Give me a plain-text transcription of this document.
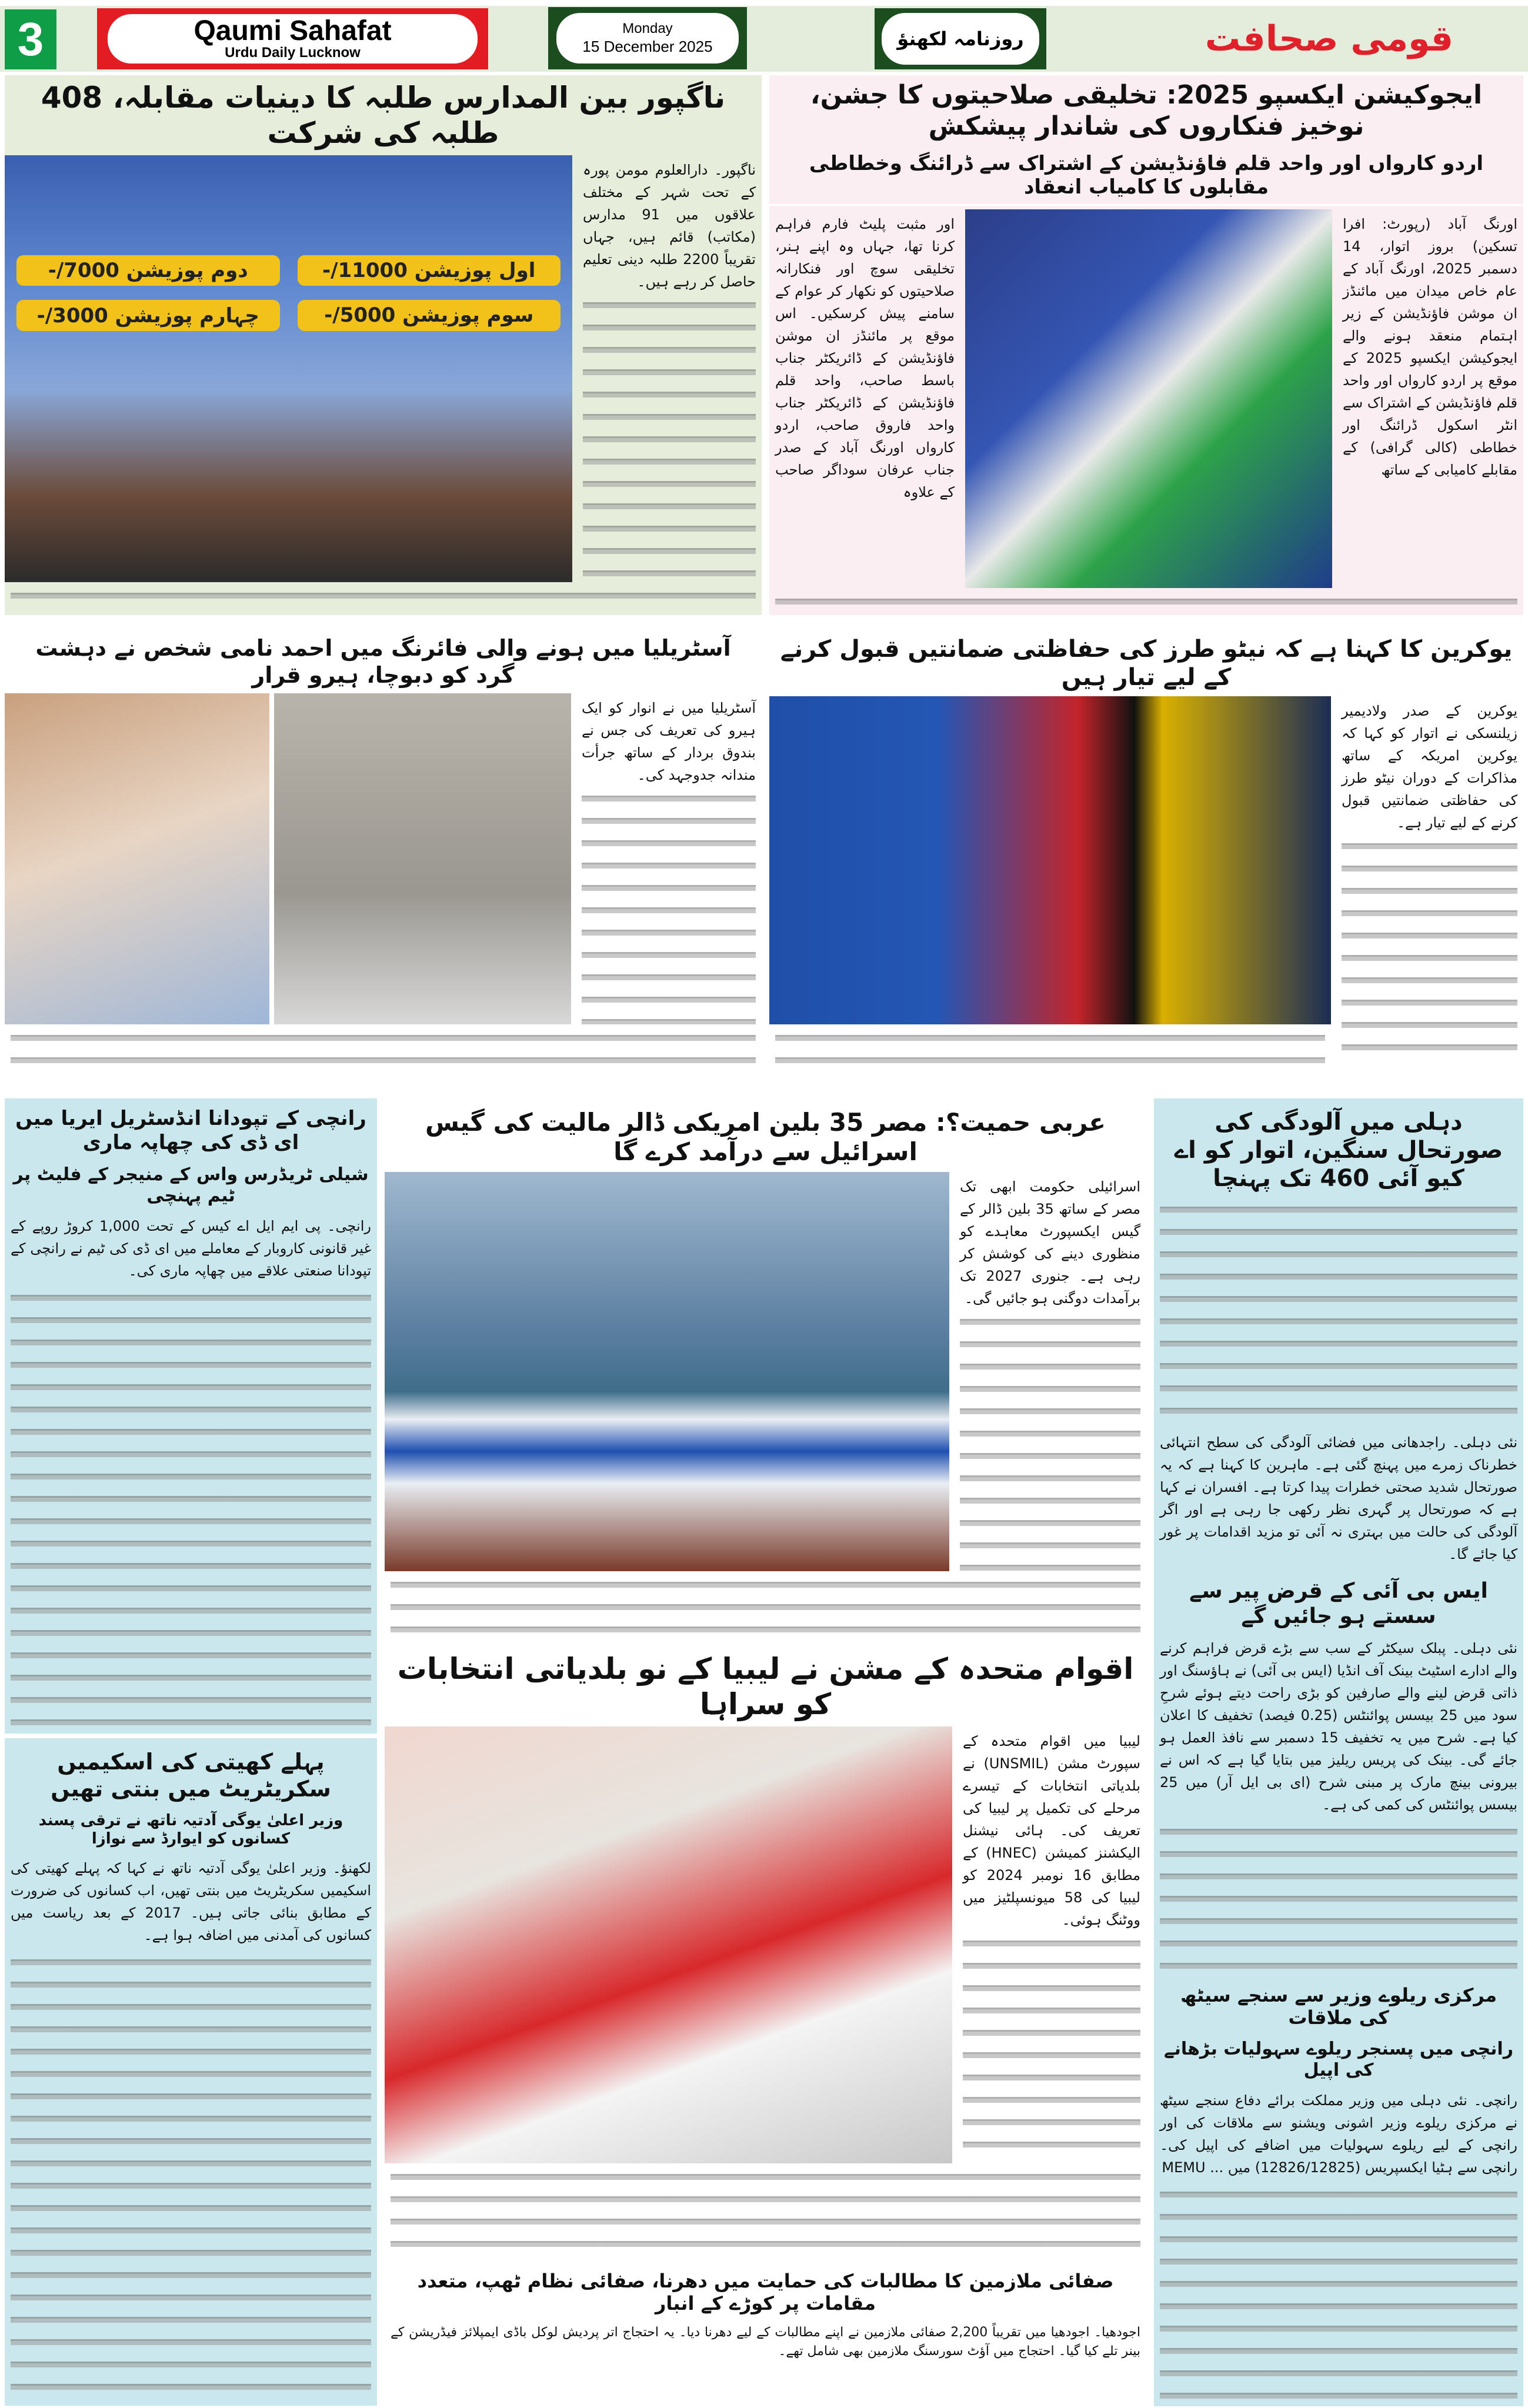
3	Qaumi Sahafat
Urdu Daily Lucknow
Monday
15 December 2025	روزنامہ لکھنؤ	قومی صحافت
ناگپور بین المدارس طلبہ کا دینیات مقابلہ، 408 طلبہ کی شرکت
دوم پوزیشن 7000/-	اول پوزیشن 11000/-
چہارم پوزیشن 3000/-	سوم پوزیشن 5000/-
ناگپور۔ دارالعلوم مومن پورہ کے تحت شہر کے مختلف علاقوں میں 91 مدارس (مکاتب) قائم ہیں، جہاں تقریباً 2200 طلبہ دینی تعلیم حاصل کر رہے ہیں۔
ایجوکیشن ایکسپو 2025: تخلیقی صلاحیتوں کا جشن، نوخیز فنکاروں کی شاندار پیشکش
اردو کارواں اور واحد قلم فاؤنڈیشن کے اشتراک سے ڈرائنگ وخطاطی مقابلوں کا کامیاب انعقاد
اور مثبت پلیٹ فارم فراہم کرنا تھا، جہاں وہ اپنے ہنر، تخلیقی سوچ اور فنکارانہ صلاحیتوں کو نکھار کر عوام کے سامنے پیش کرسکیں۔ اس موقع پر مائنڈز ان موشن فاؤنڈیشن کے ڈائریکٹر جناب باسط صاحب، واحد قلم فاؤنڈیشن کے ڈائریکٹر جناب واحد فاروق صاحب، اردو کارواں اورنگ آباد کے صدر جناب عرفان سوداگر صاحب کے علاوہ
اورنگ آباد (رپورٹ: افرا تسکین) بروز اتوار، 14 دسمبر 2025، اورنگ آباد کے عام خاص میدان میں مائنڈز ان موشن فاؤنڈیشن کے زیر اہتمام منعقد ہونے والے ایجوکیشن ایکسپو 2025 کے موقع پر اردو کارواں اور واحد قلم فاؤنڈیشن کے اشتراک سے انٹر اسکول ڈرائنگ اور خطاطی (کالی گرافی) کے مقابلے کامیابی کے ساتھ
آسٹریلیا میں ہونے والی فائرنگ میں احمد نامی شخص نے دہشت گرد کو دبوچا، ہیرو قرار
آسٹریلیا میں نے انوار کو ایک ہیرو کی تعریف کی جس نے بندوق بردار کے ساتھ جرأت مندانہ جدوجہد کی۔
یوکرین کا کہنا ہے کہ نیٹو طرز کی حفاظتی ضمانتیں قبول کرنے کے لیے تیار ہیں
یوکرین کے صدر ولادیمیر زیلنسکی نے اتوار کو کہا کہ یوکرین امریکہ کے ساتھ مذاکرات کے دوران نیٹو طرز کی حفاظتی ضمانتیں قبول کرنے کے لیے تیار ہے۔
رانچی کے تپودانا انڈسٹریل ایریا میں ای ڈی کی چھاپہ ماری
شیلی ٹریڈرس واس کے منیجر کے فلیٹ پر ٹیم پہنچی
رانچی۔ پی ایم ایل اے کیس کے تحت 1,000 کروڑ روپے کے غیر قانونی کاروبار کے معاملے میں ای ڈی کی ٹیم نے رانچی کے تپودانا صنعتی علاقے میں چھاپہ ماری کی۔
پہلے کھیتی کی اسکیمیں سکریٹریٹ میں بنتی تھیں
وزیر اعلیٰ یوگی آدتیہ ناتھ نے ترقی پسند کسانوں کو ایوارڈ سے نوازا
لکھنؤ۔ وزیر اعلیٰ یوگی آدتیہ ناتھ نے کہا کہ پہلے کھیتی کی اسکیمیں سکریٹریٹ میں بنتی تھیں، اب کسانوں کی ضرورت کے مطابق بنائی جاتی ہیں۔ 2017 کے بعد ریاست میں کسانوں کی آمدنی میں اضافہ ہوا ہے۔
عربی حمیت؟: مصر 35 بلین امریکی ڈالر مالیت کی گیس اسرائیل سے درآمد کرے گا
اسرائیلی حکومت ابھی تک مصر کے ساتھ 35 بلین ڈالر کے گیس ایکسپورٹ معاہدے کو منظوری دینے کی کوشش کر رہی ہے۔ جنوری 2027 تک برآمدات دوگنی ہو جائیں گی۔
اقوام متحدہ کے مشن نے لیبیا کے نو بلدیاتی انتخابات کو سراہا
لیبیا میں اقوام متحدہ کے سپورٹ مشن (UNSMIL) نے بلدیاتی انتخابات کے تیسرے مرحلے کی تکمیل پر لیبیا کی تعریف کی۔ ہائی نیشنل الیکشنز کمیشن (HNEC) کے مطابق 16 نومبر 2024 کو لیبیا کی 58 میونسپلٹیز میں ووٹنگ ہوئی۔
صفائی ملازمین کا مطالبات کی حمایت میں دھرنا، صفائی نظام ٹھپ، متعدد مقامات پر کوڑے کے انبار
اجودھیا۔ اجودھیا میں تقریباً 2,200 صفائی ملازمین نے اپنے مطالبات کے لیے دھرنا دیا۔ یہ احتجاج اتر پردیش لوکل باڈی ایمپلائز فیڈریشن کے بینر تلے کیا گیا۔ احتجاج میں آؤٹ سورسنگ ملازمین بھی شامل تھے۔
دہلی میں آلودگی کی صورتحال سنگین، اتوار کو اے کیو آئی 460 تک پہنچا
نئی دہلی۔ راجدھانی میں فضائی آلودگی کی سطح انتہائی خطرناک زمرے میں پہنچ گئی ہے۔ ماہرین کا کہنا ہے کہ یہ صورتحال شدید صحتی خطرات پیدا کرتا ہے۔ افسران نے کہا ہے کہ صورتحال پر گہری نظر رکھی جا رہی ہے اور اگر آلودگی کی حالت میں بہتری نہ آئی تو مزید اقدامات پر غور کیا جائے گا۔
ایس بی آئی کے قرض پیر سے سستے ہو جائیں گے
نئی دہلی۔ پبلک سیکٹر کے سب سے بڑے قرض فراہم کرنے والے ادارے اسٹیٹ بینک آف انڈیا (ایس بی آئی) نے ہاؤسنگ اور ذاتی قرض لینے والے صارفین کو بڑی راحت دیتے ہوئے شرحِ سود میں 25 بیسس پوائنٹس (0.25 فیصد) تخفیف کا اعلان کیا ہے۔ شرح میں یہ تخفیف 15 دسمبر سے نافذ العمل ہو جائے گی۔ بینک کی پریس ریلیز میں بتایا گیا ہے کہ اس نے بیرونی بینچ مارک پر مبنی شرح (ای بی ایل آر) میں 25 بیسس پوائنٹس کی کمی کی ہے۔
مرکزی ریلوے وزیر سے سنجے سیٹھ کی ملاقات
رانچی میں پسنجر ریلوے سہولیات بڑھانے کی اپیل
رانچی۔ نئی دہلی میں وزیر مملکت برائے دفاع سنجے سیٹھ نے مرکزی ریلوے وزیر اشونی ویشنو سے ملاقات کی اور رانچی کے لیے ریلوے سہولیات میں اضافے کی اپیل کی۔ رانچی سے ہٹیا ایکسپریس (12826/12825) میں ... MEMU
